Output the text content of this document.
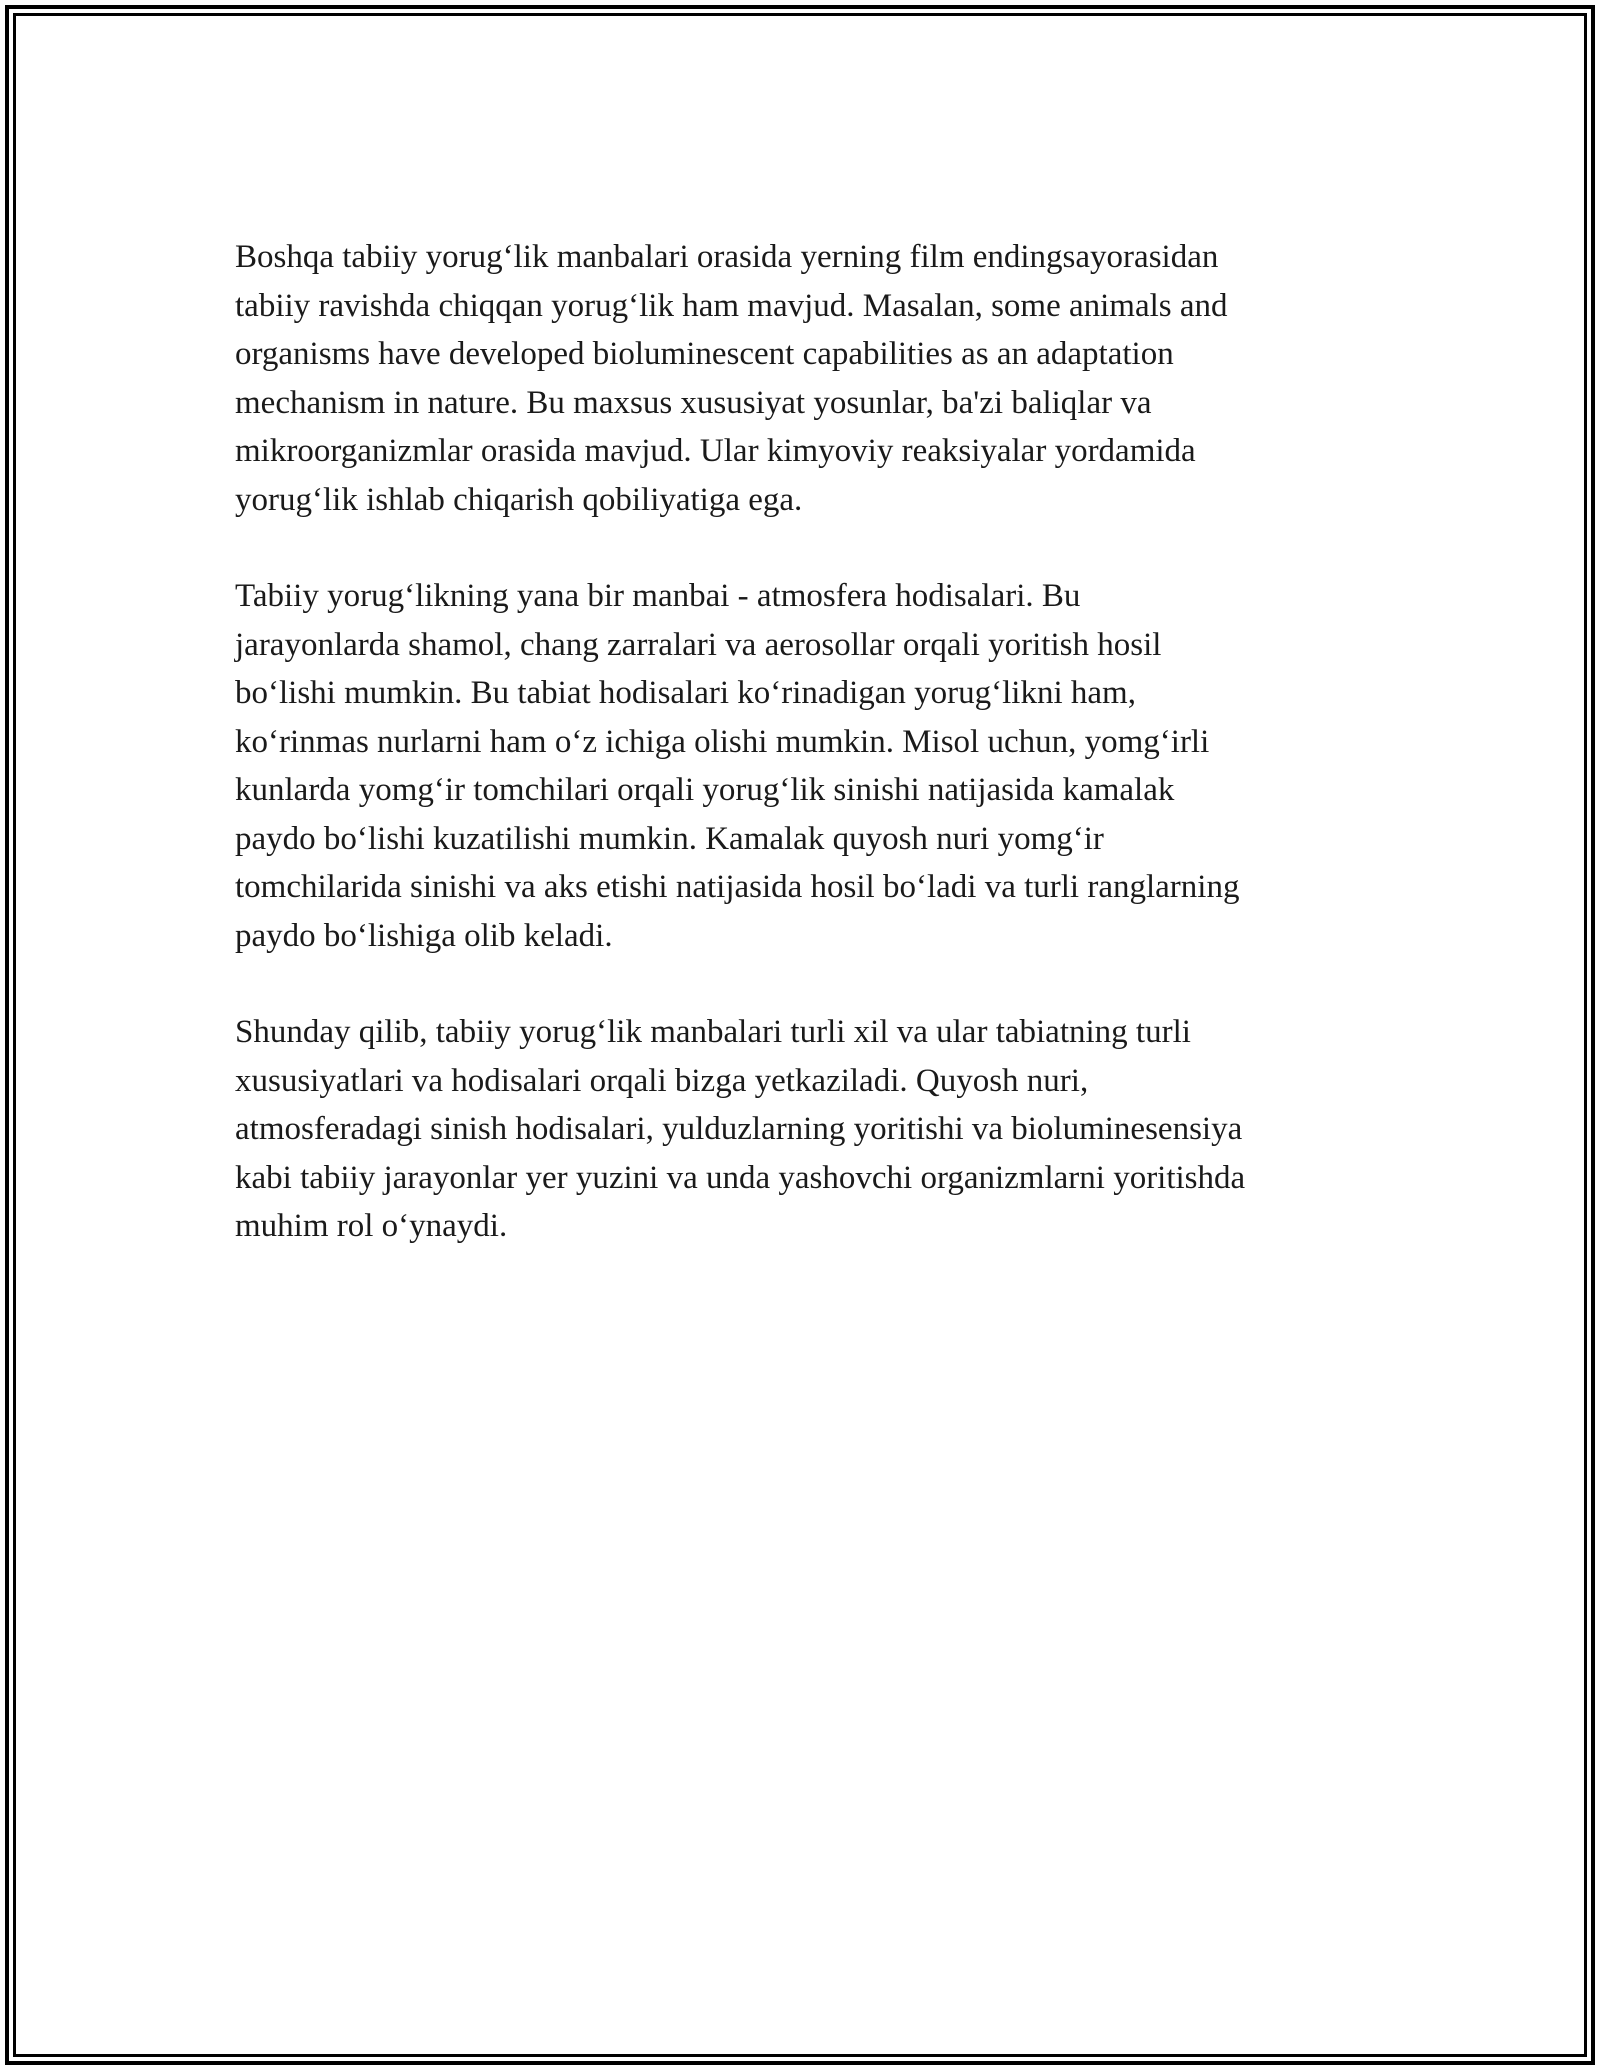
Boshqa tabiiy yorug‘lik manbalari orasida yerning film endingsayorasidan
tabiiy ravishda chiqqan yorug‘lik ham mavjud. Masalan, some animals and
organisms have developed bioluminescent capabilities as an adaptation
mechanism in nature. Bu maxsus xususiyat yosunlar, ba'zi baliqlar va
mikroorganizmlar orasida mavjud. Ular kimyoviy reaksiyalar yordamida
yorug‘lik ishlab chiqarish qobiliyatiga ega.

Tabiiy yorug‘likning yana bir manbai - atmosfera hodisalari. Bu
jarayonlarda shamol, chang zarralari va aerosollar orqali yoritish hosil
bo‘lishi mumkin. Bu tabiat hodisalari ko‘rinadigan yorug‘likni ham,
ko‘rinmas nurlarni ham o‘z ichiga olishi mumkin. Misol uchun, yomg‘irli
kunlarda yomg‘ir tomchilari orqali yorug‘lik sinishi natijasida kamalak
paydo bo‘lishi kuzatilishi mumkin. Kamalak quyosh nuri yomg‘ir
tomchilarida sinishi va aks etishi natijasida hosil bo‘ladi va turli ranglarning
paydo bo‘lishiga olib keladi.

Shunday qilib, tabiiy yorug‘lik manbalari turli xil va ular tabiatning turli
xususiyatlari va hodisalari orqali bizga yetkaziladi. Quyosh nuri,
atmosferadagi sinish hodisalari, yulduzlarning yoritishi va bioluminesensiya
kabi tabiiy jarayonlar yer yuzini va unda yashovchi organizmlarni yoritishda
muhim rol o‘ynaydi.
